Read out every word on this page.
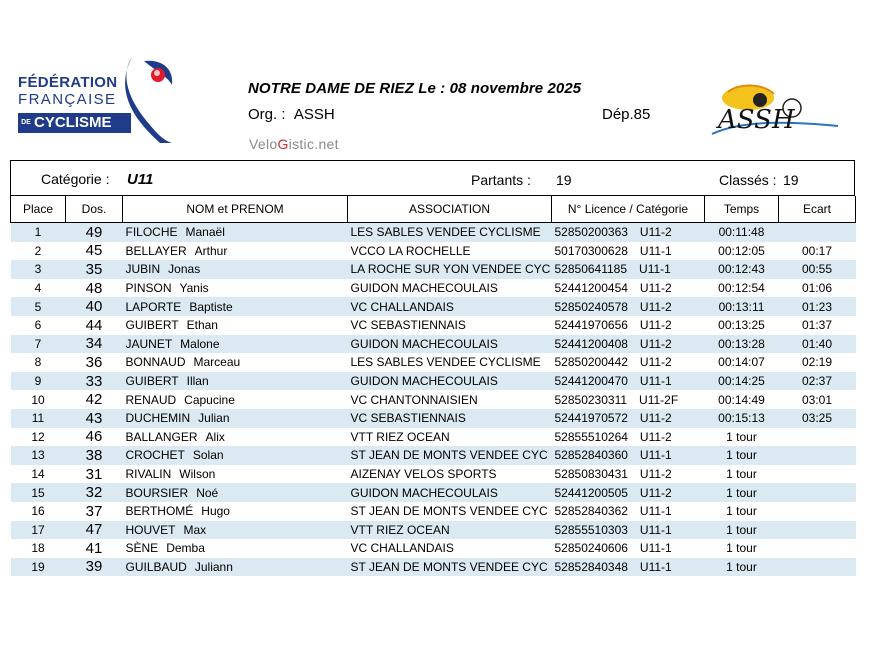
FÉDÉRATION
FRANÇAISE
DE CYCLISME
NOTRE DAME DE RIEZ Le : 08 novembre 2025
Org. : ASSH	Dép.85
VeloGistic.net
ASSH
Catégorie : U11	Partants : 19	Classés : 19
Place	Dos.	NOM et PRENOM	ASSOCIATION	N° Licence / Catégorie	Temps	Ecart
1	49	FILOCHE Manaël	LES SABLES VENDEE CYCLISME	52850200363 U11-2	00:11:48	
2	45	BELLAYER Arthur	VCCO LA ROCHELLE	50170300628 U11-1	00:12:05	00:17
3	35	JUBIN Jonas	LA ROCHE SUR YON VENDEE CYC	52850641185 U11-1	00:12:43	00:55
4	48	PINSON Yanis	GUIDON MACHECOULAIS	52441200454 U11-2	00:12:54	01:06
5	40	LAPORTE Baptiste	VC CHALLANDAIS	52850240578 U11-2	00:13:11	01:23
6	44	GUIBERT Ethan	VC SEBASTIENNAIS	52441970656 U11-2	00:13:25	01:37
7	34	JAUNET Malone	GUIDON MACHECOULAIS	52441200408 U11-2	00:13:28	01:40
8	36	BONNAUD Marceau	LES SABLES VENDEE CYCLISME	52850200442 U11-2	00:14:07	02:19
9	33	GUIBERT Illan	GUIDON MACHECOULAIS	52441200470 U11-1	00:14:25	02:37
10	42	RENAUD Capucine	VC CHANTONNAISIEN	52850230311 U11-2F	00:14:49	03:01
11	43	DUCHEMIN Julian	VC SEBASTIENNAIS	52441970572 U11-2	00:15:13	03:25
12	46	BALLANGER Alix	VTT RIEZ OCEAN	52855510264 U11-2	1 tour	
13	38	CROCHET Solan	ST JEAN DE MONTS VENDEE CYC	52852840360 U11-1	1 tour	
14	31	RIVALIN Wilson	AIZENAY VELOS SPORTS	52850830431 U11-2	1 tour	
15	32	BOURSIER Noé	GUIDON MACHECOULAIS	52441200505 U11-2	1 tour	
16	37	BERTHOMÉ Hugo	ST JEAN DE MONTS VENDEE CYC	52852840362 U11-1	1 tour	
17	47	HOUVET Max	VTT RIEZ OCEAN	52855510303 U11-1	1 tour	
18	41	SÈNE Demba	VC CHALLANDAIS	52850240606 U11-1	1 tour	
19	39	GUILBAUD Juliann	ST JEAN DE MONTS VENDEE CYC	52852840348 U11-1	1 tour	
